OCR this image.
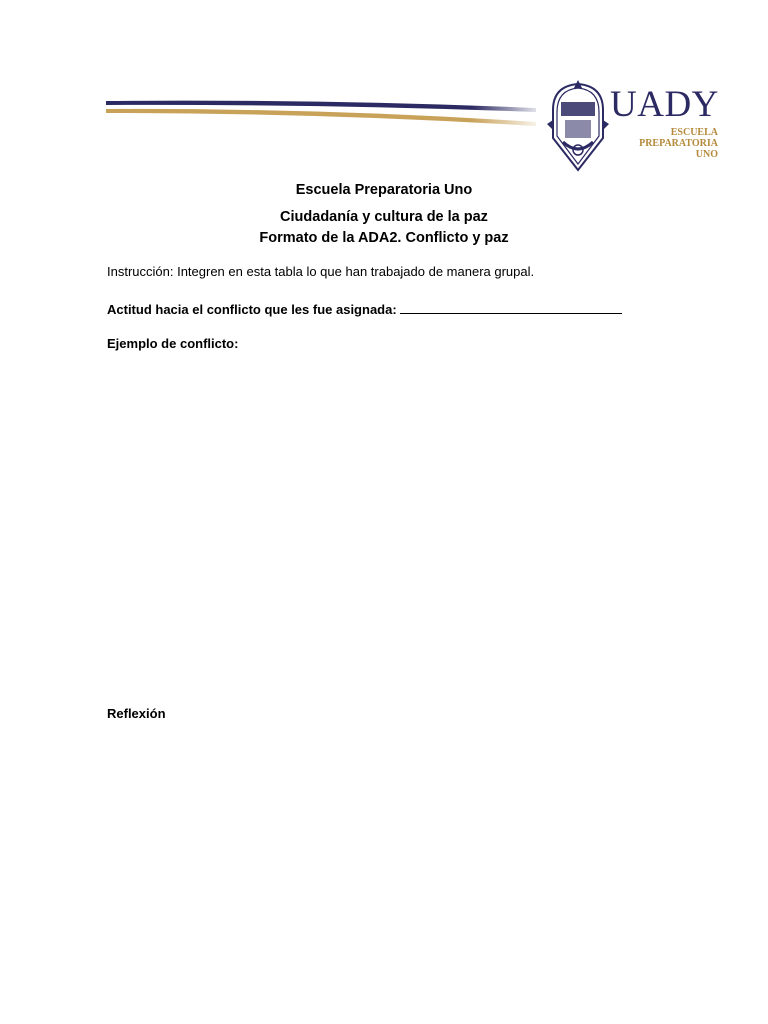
UADY
ESCUELA
PREPARATORIA
UNO
Escuela Preparatoria Uno
Ciudadanía y cultura de la paz
Formato de la ADA2. Conflicto y paz
Instrucción: Integren en esta tabla lo que han trabajado de manera grupal.
Actitud hacia el conflicto que les fue asignada:
Ejemplo de conflicto:
Reflexión
